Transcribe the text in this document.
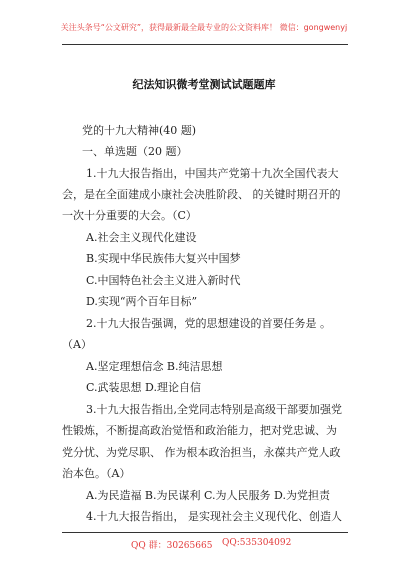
关注头条号“公文研究”，获得最新最全最专业的公文资料库！ 微信：gongwenyj
纪法知识微考堂测试试题题库
党的十九大精神(40 题)
一、单选题（20 题）
1.十九大报告指出，中国共产党第十九次全国代表大
会，是在全面建成小康社会决胜阶段、 的关键时期召开的
一次十分重要的大会。（C）
A.社会主义现代化建设
B.实现中华民族伟大复兴中国梦
C.中国特色社会主义进入新时代
D.实现“两个百年目标”
2.十九大报告强调，党的思想建设的首要任务是 。
（A）
A.坚定理想信念 B.纯洁思想
C.武装思想 D.理论自信
3.十九大报告指出,全党同志特别是高级干部要加强党
性锻炼，不断提高政治觉悟和政治能力，把对党忠诚、为
党分忧、为党尽职、 作为根本政治担当，永葆共产党人政
治本色。（A）
A.为民造福 B.为民谋利 C.为人民服务 D.为党担责
4.十九大报告指出， 是实现社会主义现代化、创造人
QQ 群：30265665 QQ:535304092
